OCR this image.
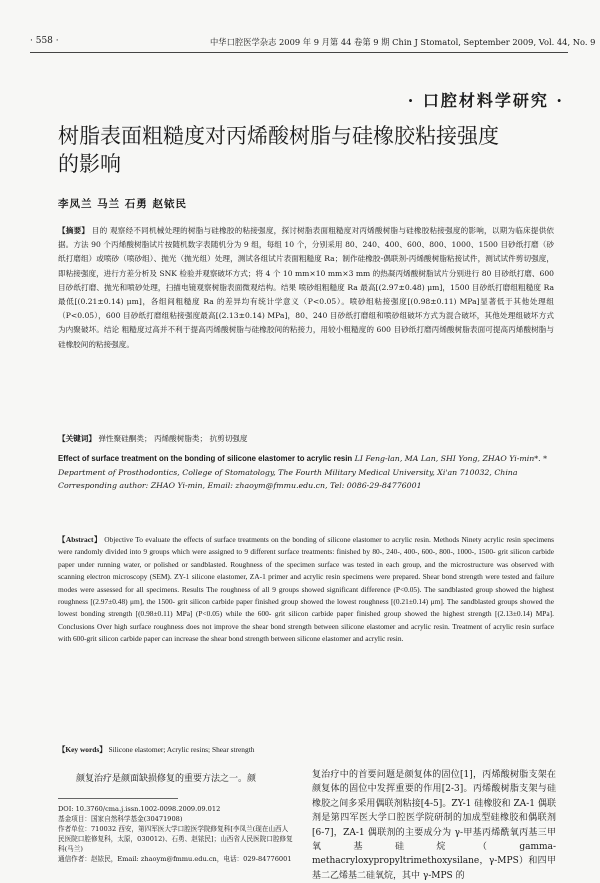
· 558 ·	中华口腔医学杂志 2009 年 9 月第 44 卷第 9 期 Chin J Stomatol, September 2009, Vol. 44, No. 9
· 口腔材料学研究 ·
树脂表面粗糙度对丙烯酸树脂与硅橡胶粘接强度的影响
李凤兰 马兰 石勇 赵铱民
【摘要】 目的 观察经不同机械处理的树脂与硅橡胶的粘接强度，探讨树脂表面粗糙度对丙烯酸树脂与硅橡胶粘接强度的影响，以期为临床提供依据。方法 90 个丙烯酸树脂试片按随机数字表随机分为 9 组，每组 10 个，分别采用 80、240、400、600、800、1000、1500 目砂纸打磨（砂纸打磨组）或喷砂（喷砂组）、抛光（抛光组）处理，测试各组试片表面粗糙度 Ra；制作硅橡胶-偶联剂-丙烯酸树脂粘接试件，测试试件剪切强度，即粘接强度，进行方差分析及 SNK 检验并观察破坏方式；将 4 个 10 mm×10 mm×3 mm 的热凝丙烯酸树脂试片分别进行 80 目砂纸打磨、600 目砂纸打磨、抛光和喷砂处理，扫描电镜观察树脂表面微观结构。结果 喷砂组粗糙度 Ra 最高[(2.97±0.48) μm]，1500 目砂纸打磨组粗糙度 Ra 最低[(0.21±0.14) μm]，各组间粗糙度 Ra 的差异均有统计学意义（P<0.05）。喷砂组粘接强度[(0.98±0.11) MPa]显著低于其他处理组（P<0.05），600 目砂纸打磨组粘接强度最高[(2.13±0.14) MPa]，80、240 目砂纸打磨组和喷砂组破坏方式为混合破坏，其他处理组破坏方式为内聚破坏。结论 粗糙度过高并不利于提高丙烯酸树脂与硅橡胶间的粘接力，用较小粗糙度的 600 目砂纸打磨丙烯酸树脂表面可提高丙烯酸树脂与硅橡胶间的粘接强度。
【关键词】 弹性聚硅酮类； 丙烯酸树脂类； 抗剪切强度
Effect of surface treatment on the bonding of silicone elastomer to acrylic resin LI Feng-lan, MA Lan, SHI Yong, ZHAO Yi-min*. * Department of Prosthodontics, College of Stomatology, The Fourth Military Medical University, Xi'an 710032, China
Corresponding author: ZHAO Yi-min, Email: zhaoym@fmmu.edu.cn, Tel: 0086-29-84776001
【Abstract】 Objective To evaluate the effects of surface treatments on the bonding of silicone elastomer to acrylic resin. Methods Ninety acrylic resin specimens were randomly divided into 9 groups which were assigned to 9 different surface treatments: finished by 80-, 240-, 400-, 600-, 800-, 1000-, 1500- grit silicon carbide paper under running water, or polished or sandblasted. Roughness of the specimen surface was tested in each group, and the microstructure was observed with scanning electron microscopy (SEM). ZY-1 silicone elastomer, ZA-1 primer and acrylic resin specimens were prepared. Shear bond strength were tested and failure modes were assessed for all specimens. Results The roughness of all 9 groups showed significant difference (P<0.05). The sandblasted group showed the highest roughness [(2.97±0.48) μm], the 1500- grit silicon carbide paper finished group showed the lowest roughness [(0.21±0.14) μm]. The sandblasted groups showed the lowest bonding strength [(0.98±0.11) MPa] (P<0.05) while the 600- grit silicon carbide paper finished group showed the highest strength [(2.13±0.14) MPa]. Conclusions Over high surface roughness does not improve the shear bond strength between silicone elastomer and acrylic resin. Treatment of acrylic resin surface with 600-grit silicon carbide paper can increase the shear bond strength between silicone elastomer and acrylic resin.
【Key words】 Silicone elastomer; Acrylic resins; Shear strength
颜复治疗是颜面缺损修复的重要方法之一。颜
DOI: 10.3760/cma.j.issn.1002-0098.2009.09.012
基金项目：国家自然科学基金(30471908)
作者单位：710032 西安，第四军医大学口腔医学院修复科[李凤兰(现在山西人民医院口腔修复科，太原，030012)、石勇、赵铱民]；山西省人民医院口腔修复科(马兰)
通信作者：赵铱民，Email: zhaoym@fmmu.edu.cn，电话：029-84776001
复治疗中的首要问题是颜复体的固位[1]，丙烯酸树脂支架在颜复体的固位中发挥重要的作用[2-3]。丙烯酸树脂支架与硅橡胶之间多采用偶联剂粘接[4-5]。ZY-1 硅橡胶和 ZA-1 偶联剂是第四军医大学口腔医学院研制的加成型硅橡胶和偶联剂[6-7]，ZA-1 偶联剂的主要成分为 γ-甲基丙烯酰氧丙基三甲氧基硅烷（gamma-methacryloxypropyltrimethoxysilane，γ-MPS）和四甲基二乙烯基二硅氧烷，其中 γ-MPS 的
